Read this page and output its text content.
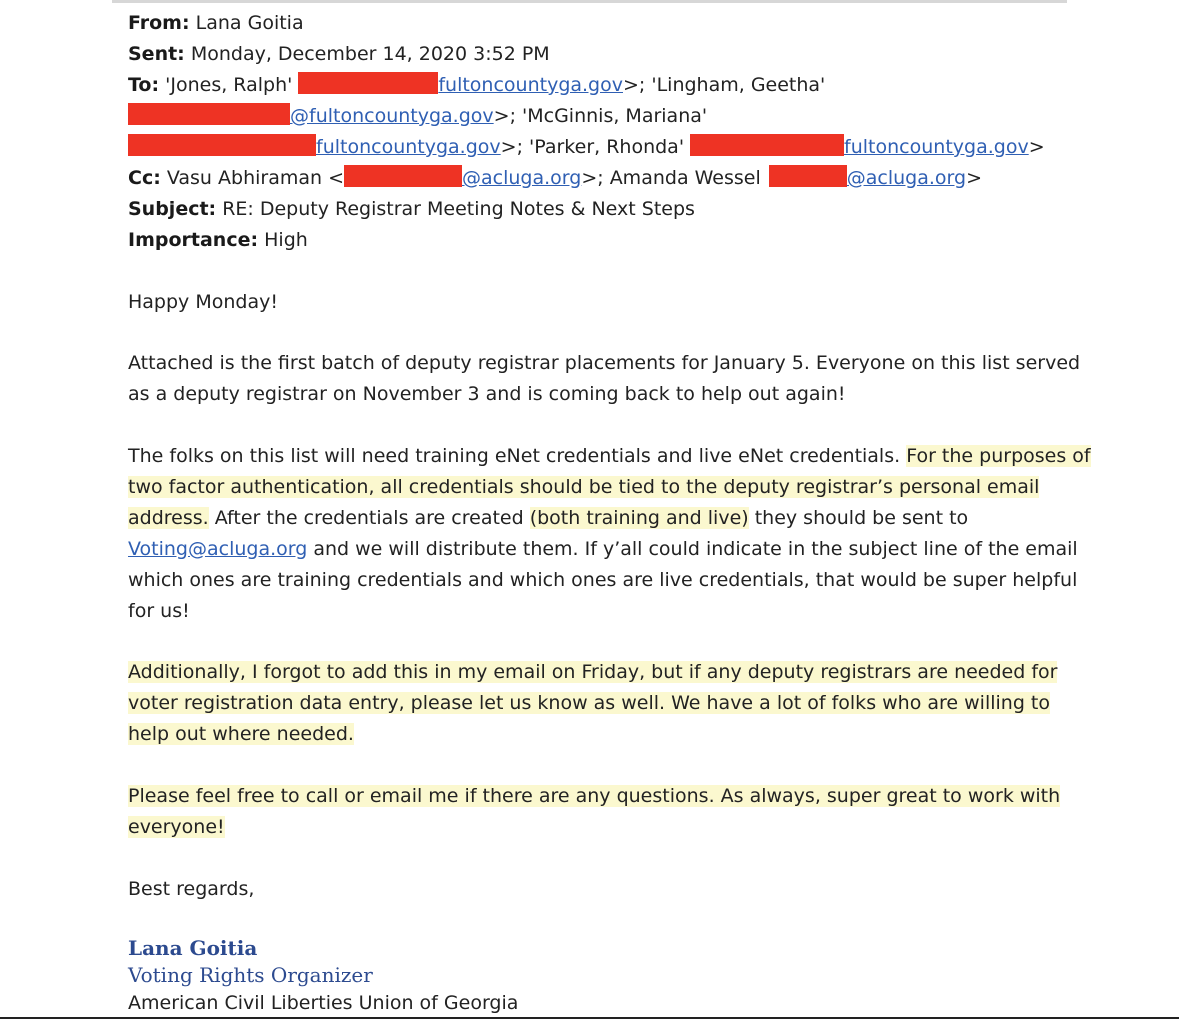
From: Lana Goitia
Sent: Monday, December 14, 2020 3:52 PM
To: 'Jones, Ralph'	fultoncountyga.gov>; 'Lingham, Geetha'
@fultoncountyga.gov>; 'McGinnis, Mariana'
fultoncountyga.gov>; 'Parker, Rhonda'	fultoncountyga.gov>
Cc: Vasu Abhiraman <	@acluga.org>; Amanda Wessel	@acluga.org>
Subject: RE: Deputy Registrar Meeting Notes & Next Steps
Importance: High
Happy Monday!
Attached is the first batch of deputy registrar placements for January 5. Everyone on this list served
as a deputy registrar on November 3 and is coming back to help out again!
The folks on this list will need training eNet credentials and live eNet credentials. For the purposes of
two factor authentication, all credentials should be tied to the deputy registrar’s personal email
address. After the credentials are created (both training and live) they should be sent to
Voting@acluga.org and we will distribute them. If y’all could indicate in the subject line of the email
which ones are training credentials and which ones are live credentials, that would be super helpful
for us!
Additionally, I forgot to add this in my email on Friday, but if any deputy registrars are needed for
voter registration data entry, please let us know as well. We have a lot of folks who are willing to
help out where needed.
Please feel free to call or email me if there are any questions. As always, super great to work with
everyone!
Best regards,
Lana Goitia
Voting Rights Organizer
American Civil Liberties Union of Georgia
